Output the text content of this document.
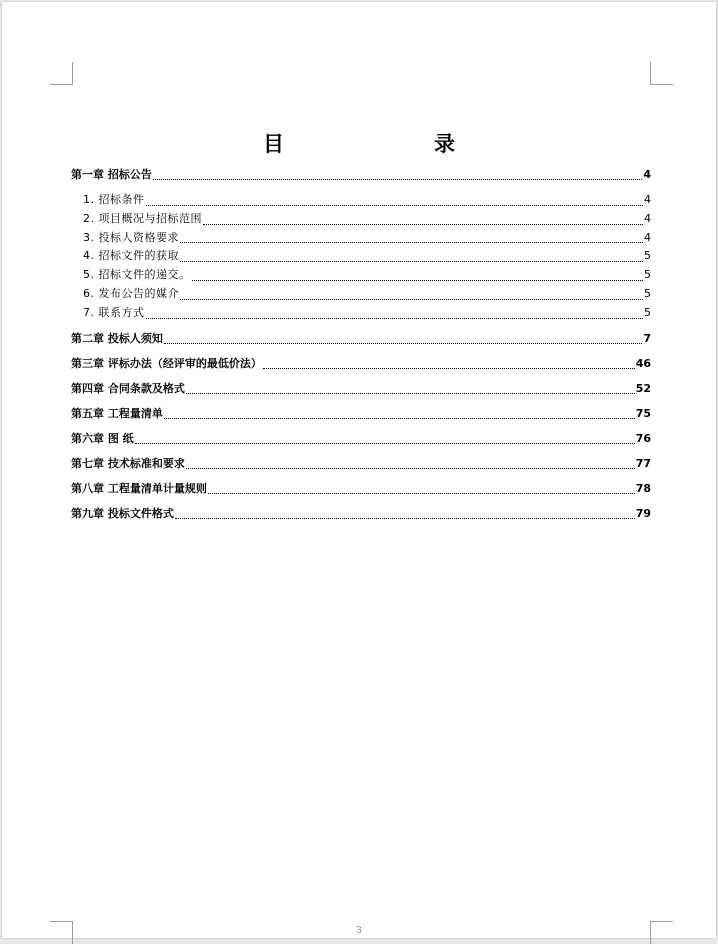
目　　录
第一章 招标公告	4
1. 招标条件	4
2. 项目概况与招标范围	4
3. 投标人资格要求	4
4. 招标文件的获取	5
5. 招标文件的递交。	5
6. 发布公告的媒介	5
7. 联系方式	5
第二章 投标人须知	7
第三章 评标办法（经评审的最低价法）	46
第四章 合同条款及格式	52
第五章 工程量清单	75
第六章 图 纸	76
第七章 技术标准和要求	77
第八章 工程量清单计量规则	78
第九章 投标文件格式	79
3
